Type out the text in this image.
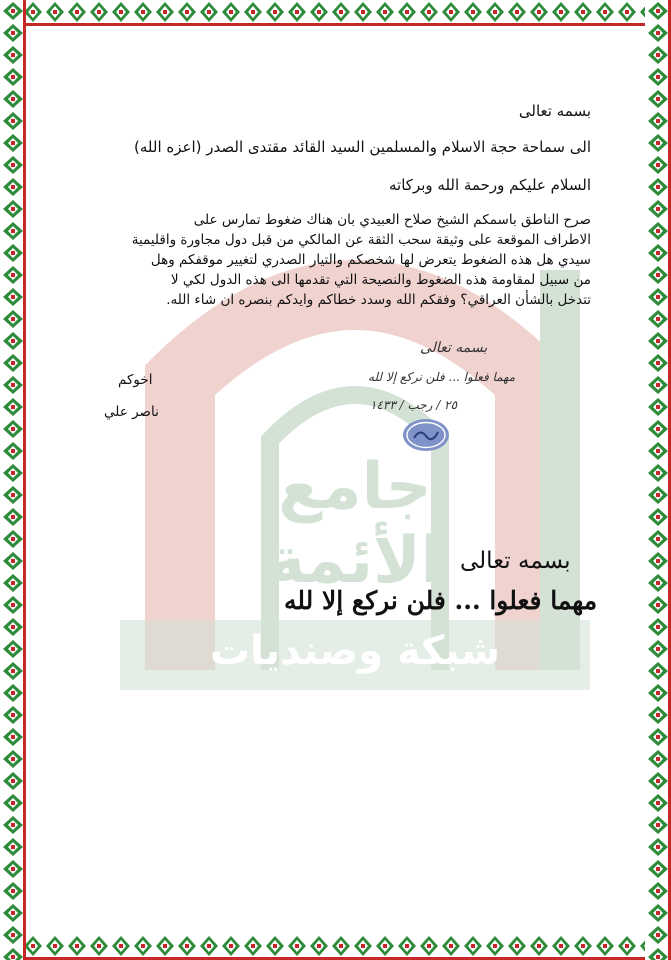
جامع الأئمة
شبكة وصنديات
بسمه تعالى
الى سماحة حجة الاسلام والمسلمين السيد القائد مقتدى الصدر (اعزه الله)
السلام عليكم ورحمة الله وبركاته
صرح الناطق باسمكم الشيخ صلاح العبيدي بان هناك ضغوط تمارس على
الاطراف الموقعة على وثيقة سحب الثقة عن المالكي من قبل دول مجاورة واقليمية
سيدي هل هذه الضغوط يتعرض لها شخصكم والتيار الصدري لتغيير موقفكم وهل
من سبيل لمقاومة هذه الضغوط والنصيحة التي تقدمها الى هذه الدول لكي لا
تتدخل بالشأن العراقي؟ وفقكم الله وسدد خطاكم وايدكم بنصره ان شاء الله.
اخوكم
ناصر علي
بسمه تعالى
مهما فعلوا ... فلن نركع إلا لله
٢٥ / رجب / ١٤٣٣
بسمه تعالى
مهما فعلوا ... فلن نركع إلا لله
